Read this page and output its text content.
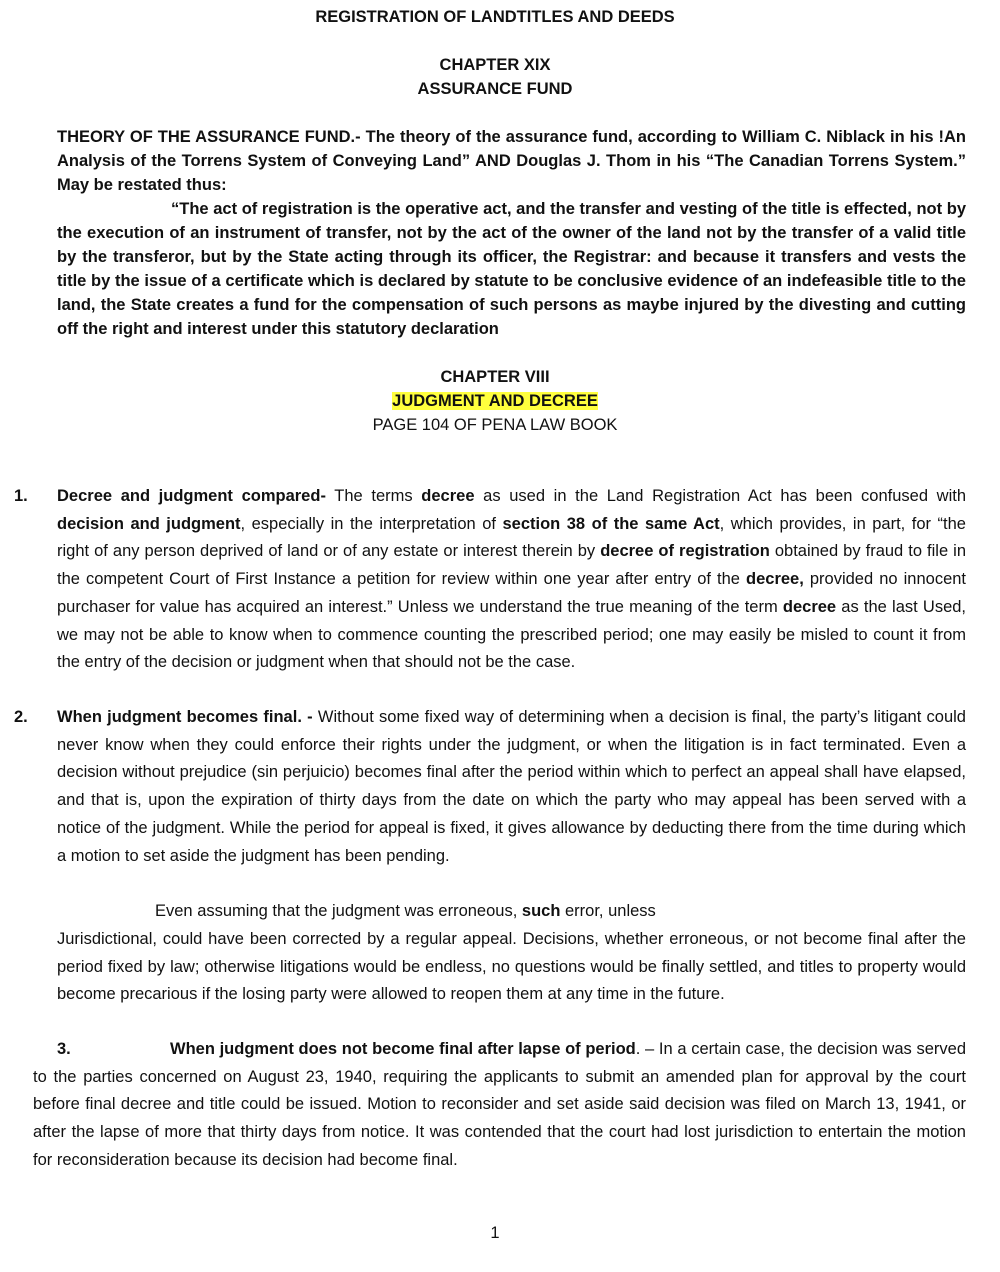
REGISTRATION OF LANDTITLES AND DEEDS
CHAPTER XIX
ASSURANCE FUND
THEORY OF THE ASSURANCE FUND.- The theory of the assurance fund, according to William C. Niblack in his !An Analysis of the Torrens System of Conveying Land” AND Douglas J. Thom in his “The Canadian Torrens System.” May be restated thus:
“The act of registration is the operative act, and the transfer and vesting of the title is effected, not by the execution of an instrument of transfer, not by the act of the owner of the land not by the transfer of a valid title by the transferor, but by the State acting through its officer, the Registrar: and because it transfers and vests the title by the issue of a certificate which is declared by statute to be conclusive evidence of an indefeasible title to the land, the State creates a fund for the compensation of such persons as maybe injured by the divesting and cutting off the right and interest under this statutory declaration
CHAPTER VIII
JUDGMENT AND DECREE
PAGE 104 OF PENA LAW BOOK
1. Decree and judgment compared- The terms decree as used in the Land Registration Act has been confused with decision and judgment, especially in the interpretation of section 38 of the same Act, which provides, in part, for “the right of any person deprived of land or of any estate or interest therein by decree of registration obtained by fraud to file in the competent Court of First Instance a petition for review within one year after entry of the decree, provided no innocent purchaser for value has acquired an interest.” Unless we understand the true meaning of the term decree as the last Used, we may not be able to know when to commence counting the prescribed period; one may easily be misled to count it from the entry of the decision or judgment when that should not be the case.
2. When judgment becomes final. - Without some fixed way of determining when a decision is final, the party’s litigant could never know when they could enforce their rights under the judgment, or when the litigation is in fact terminated. Even a decision without prejudice (sin perjuicio) becomes final after the period within which to perfect an appeal shall have elapsed, and that is, upon the expiration of thirty days from the date on which the party who may appeal has been served with a notice of the judgment. While the period for appeal is fixed, it gives allowance by deducting there from the time during which a motion to set aside the judgment has been pending.
Even assuming that the judgment was erroneous, such error, unless
Jurisdictional, could have been corrected by a regular appeal. Decisions, whether erroneous, or not become final after the period fixed by law; otherwise litigations would be endless, no questions would be finally settled, and titles to property would become precarious if the losing party were allowed to reopen them at any time in the future.
3.	When judgment does not become final after lapse of period. – In a certain case, the decision was served to the parties concerned on August 23, 1940, requiring the applicants to submit an amended plan for approval by the court before final decree and title could be issued. Motion to reconsider and set aside said decision was filed on March 13, 1941, or after the lapse of more that thirty days from notice. It was contended that the court had lost jurisdiction to entertain the motion for reconsideration because its decision had become final.
1
